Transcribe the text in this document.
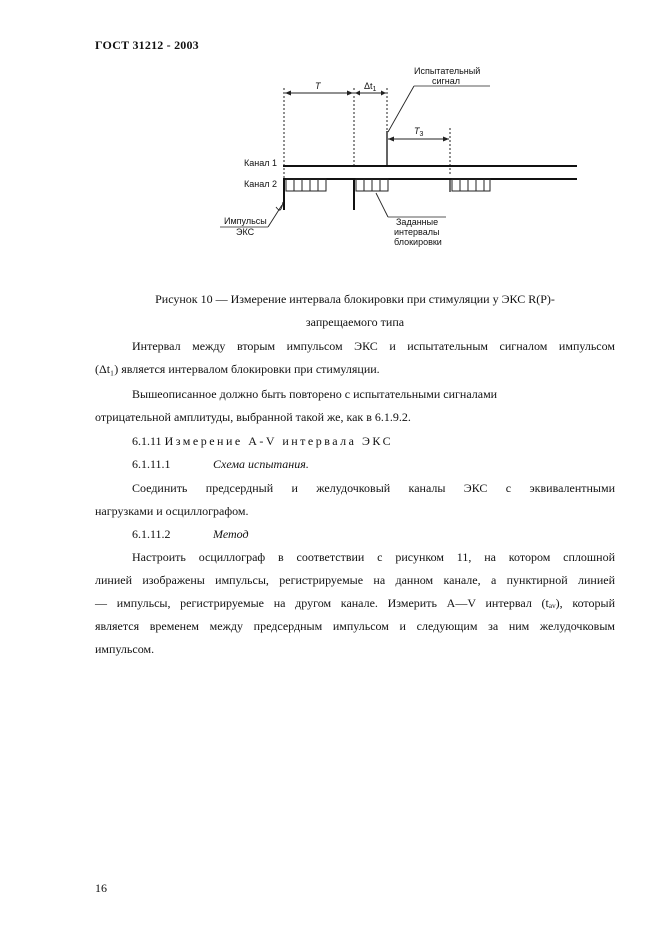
ГОСТ 31212 - 2003
T	$\Delta t_1$
Испытательный
сигнал
$T_3$
Канал 1
Канал 2
Импульсы
ЭКС
Заданные
интервалы
блокировки
Рисунок 10 — Измерение интервала блокировки при стимуляции у ЭКС R(P)-
запрещаемого типа
Интервал между вторым импульсом ЭКС и испытательным сигналом импульсом
(Δt₁) является интервалом блокировки при стимуляции.
Вышеописанное должно быть повторено с испытательными сигналами
отрицательной амплитуды, выбранной такой же, как в 6.1.9.2.
6.1.11 Измерение А-V интервала ЭКС
6.1.11.1	Схема испытания.
Соединить предсердный и желудочковый каналы ЭКС с эквивалентными
нагрузками и осциллографом.
6.1.11.2	Метод
Настроить осциллограф в соответствии с рисунком 11, на котором сплошной
линией изображены импульсы, регистрируемые на данном канале, а пунктирной линией
— импульсы, регистрируемые на другом канале. Измерить А—V интервал (tₐᵥ), который
является временем между предсердным импульсом и следующим за ним желудочковым
импульсом.
16
